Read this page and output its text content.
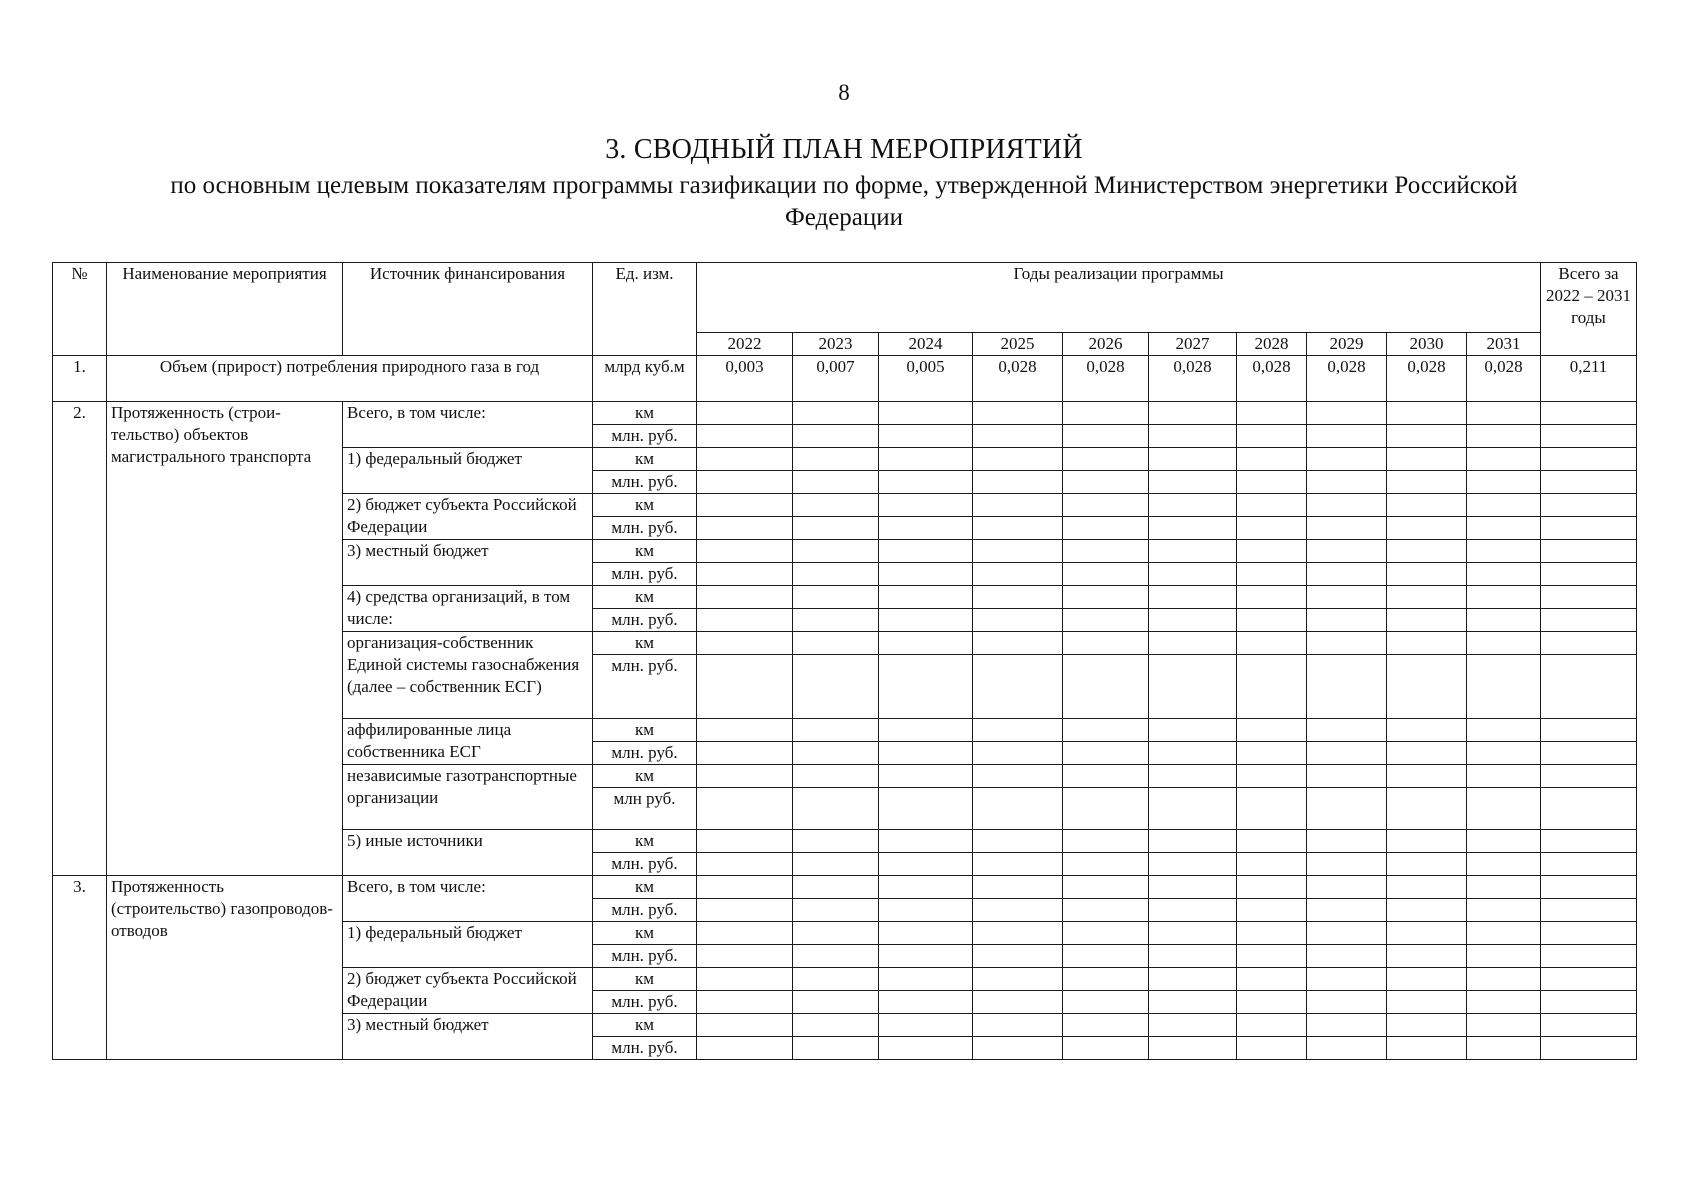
8
3. СВОДНЫЙ ПЛАН МЕРОПРИЯТИЙ
по основным целевым показателям программы газификации по форме, утвержденной Министерством энергетики Российской Федерации
№	Наименование мероприятия	Источник финансирования	Ед. изм.	Годы реализации программы										Всего за 2022 – 2031 годы
				2022	2023	2024	2025	2026	2027	2028	2029	2030	2031	
1.	Объем (прирост) потребления природного газа в год		млрд куб.м	0,003	0,007	0,005	0,028	0,028	0,028	0,028	0,028	0,028	0,028	0,211
2.	Протяженность (строи-тельство) объектов магистрального транспорта	Всего, в том числе:	км											
			млн. руб.											
		1) федеральный бюджет	км											
			млн. руб.											
		2) бюджет субъекта Российской Федерации	км											
			млн. руб.											
		3) местный бюджет	км											
			млн. руб.											
		4) средства организаций, в том числе:	км											
			млн. руб.											
		организация-собственник Единой системы газоснабжения (далее – собственник ЕСГ)	км											
			млн. руб.											
		аффилированные лица собственника ЕСГ	км											
			млн. руб.											
		независимые газотранспортные организации	км											
			млн руб.											
		5) иные источники	км											
			млн. руб.											
3.	Протяженность (строительство) газопроводов-отводов	Всего, в том числе:	км											
			млн. руб.											
		1) федеральный бюджет	км											
			млн. руб.											
		2) бюджет субъекта Российской Федерации	км											
			млн. руб.											
		3) местный бюджет	км											
			млн. руб.											
